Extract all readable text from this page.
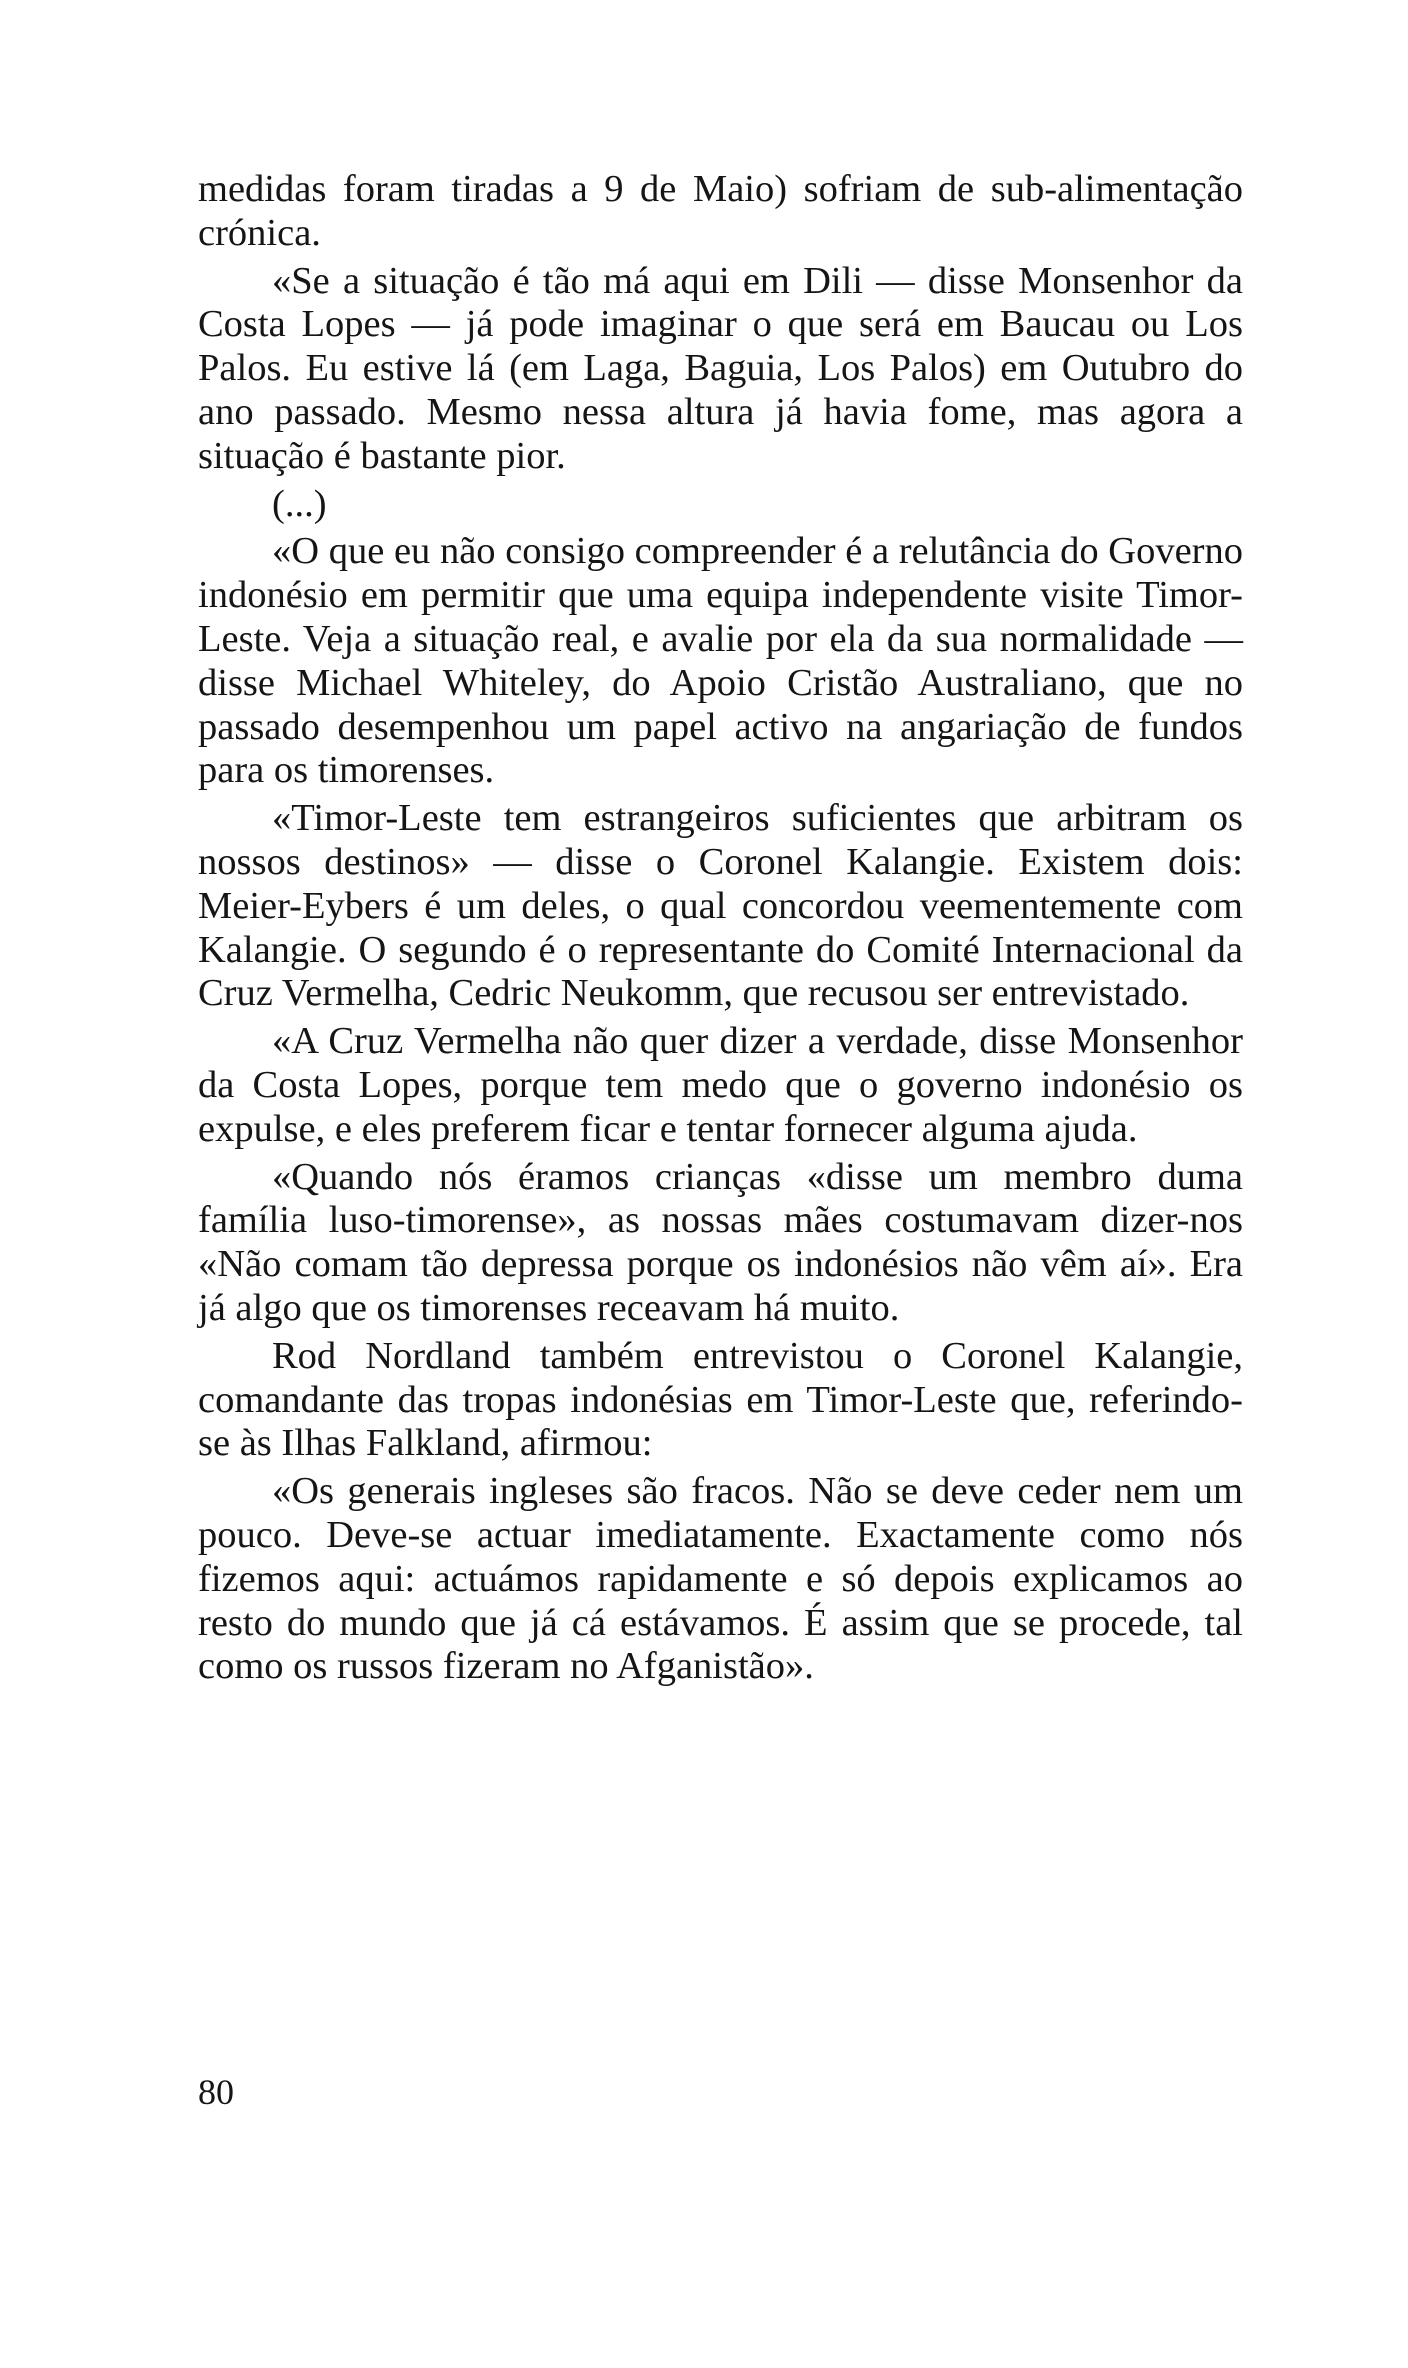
medidas foram tiradas a 9 de Maio) sofriam de sub-alimentação crónica.

«Se a situação é tão má aqui em Dili — disse Monsenhor da Costa Lopes — já pode imaginar o que será em Baucau ou Los Palos. Eu estive lá (em Laga, Baguia, Los Palos) em Outubro do ano passado. Mesmo nessa altura já havia fome, mas agora a situação é bastante pior.

(...)

«O que eu não consigo compreender é a relutância do Governo indonésio em permitir que uma equipa independente visite Timor-Leste. Veja a situação real, e avalie por ela da sua normalidade — disse Michael Whiteley, do Apoio Cristão Australiano, que no passado desempenhou um papel activo na angariação de fundos para os timorenses.

«Timor-Leste tem estrangeiros suficientes que arbitram os nossos destinos» — disse o Coronel Kalangie. Existem dois: Meier-Eybers é um deles, o qual concordou veementemente com Kalangie. O segundo é o representante do Comité Internacional da Cruz Vermelha, Cedric Neukomm, que recusou ser entrevistado.

«A Cruz Vermelha não quer dizer a verdade, disse Monsenhor da Costa Lopes, porque tem medo que o governo indonésio os expulse, e eles preferem ficar e tentar fornecer alguma ajuda.

«Quando nós éramos crianças «disse um membro duma família luso-timorense», as nossas mães costumavam dizer-nos «Não comam tão depressa porque os indonésios não vêm aí». Era já algo que os timorenses receavam há muito.

Rod Nordland também entrevistou o Coronel Kalangie, comandante das tropas indonésias em Timor-Leste que, referindo-se às Ilhas Falkland, afirmou:

«Os generais ingleses são fracos. Não se deve ceder nem um pouco. Deve-se actuar imediatamente. Exactamente como nós fizemos aqui: actuámos rapidamente e só depois explicamos ao resto do mundo que já cá estávamos. É assim que se procede, tal como os russos fizeram no Afganistão».

80
